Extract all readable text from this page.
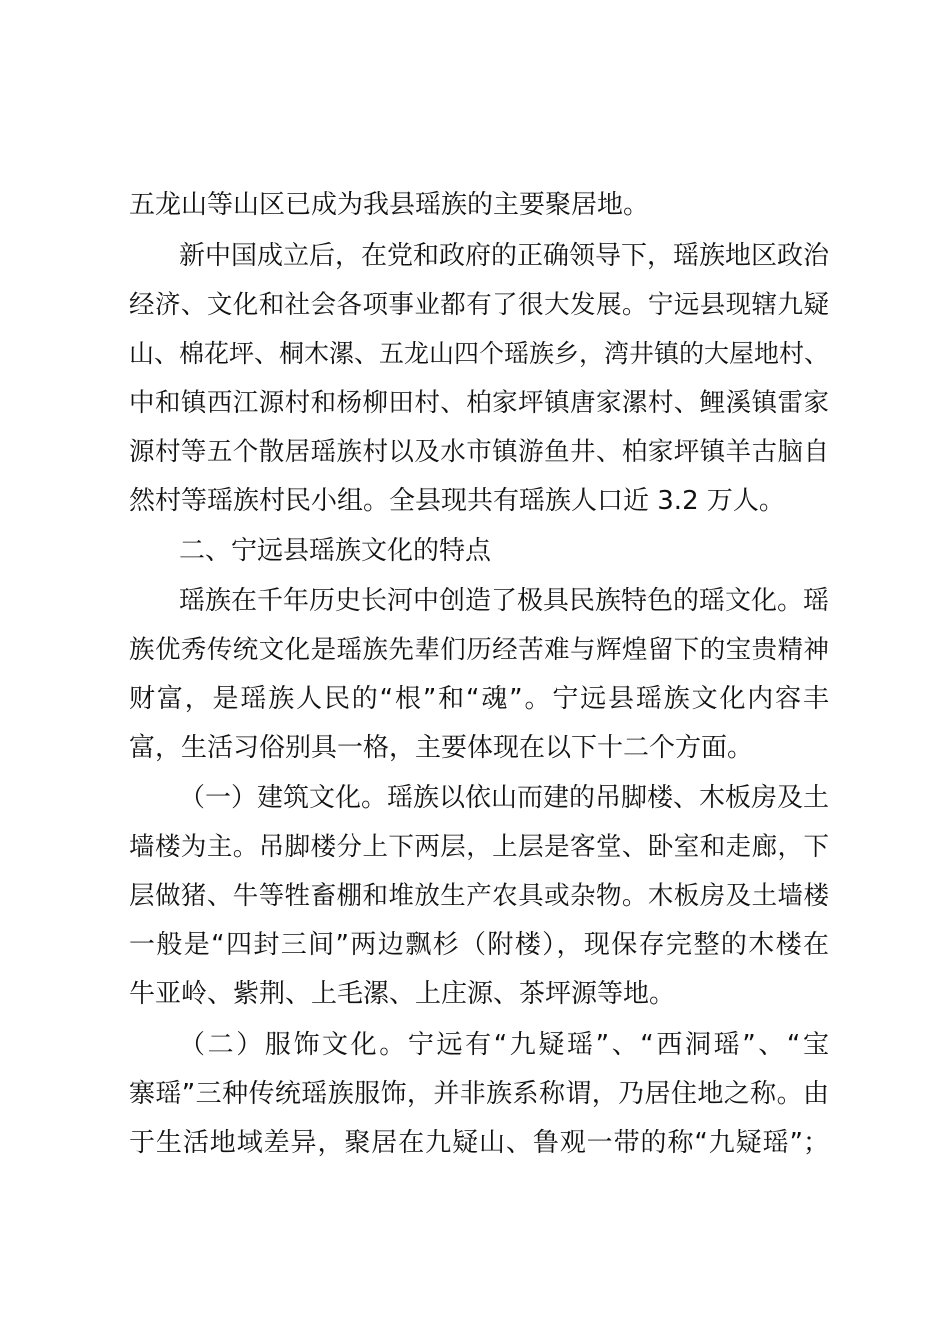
五龙山等山区已成为我县瑶族的主要聚居地。
新中国成立后，在党和政府的正确领导下，瑶族地区政治
经济、文化和社会各项事业都有了很大发展。宁远县现辖九疑
山、棉花坪、桐木漯、五龙山四个瑶族乡，湾井镇的大屋地村、
中和镇西江源村和杨柳田村、柏家坪镇唐家漯村、鲤溪镇雷家
源村等五个散居瑶族村以及水市镇游鱼井、柏家坪镇羊古脑自
然村等瑶族村民小组。全县现共有瑶族人口近 3.2 万人。
二、宁远县瑶族文化的特点
瑶族在千年历史长河中创造了极具民族特色的瑶文化。瑶
族优秀传统文化是瑶族先辈们历经苦难与辉煌留下的宝贵精神
财富，是瑶族人民的“根”和“魂”。宁远县瑶族文化内容丰
富，生活习俗别具一格，主要体现在以下十二个方面。
（一）建筑文化。瑶族以依山而建的吊脚楼、木板房及土
墙楼为主。吊脚楼分上下两层，上层是客堂、卧室和走廊，下
层做猪、牛等牲畜棚和堆放生产农具或杂物。木板房及土墙楼
一般是“四封三间”两边飘杉（附楼），现保存完整的木楼在
牛亚岭、紫荆、上毛漯、上庄源、茶坪源等地。
（二）服饰文化。宁远有“九疑瑶”、“西洞瑶”、“宝
寨瑶”三种传统瑶族服饰，并非族系称谓，乃居住地之称。由
于生活地域差异，聚居在九疑山、鲁观一带的称“九疑瑶”；
